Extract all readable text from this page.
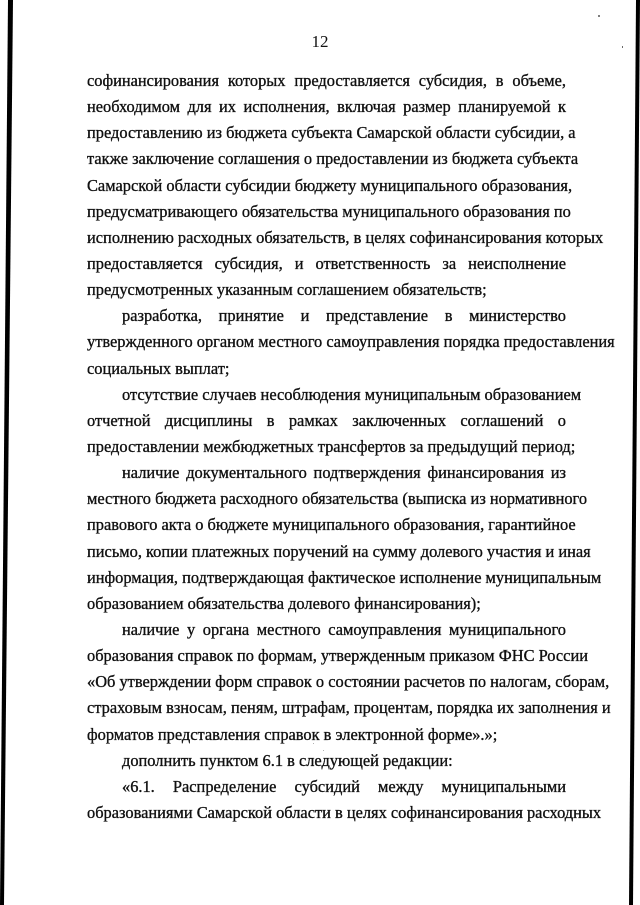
12
софинансирования которых предоставляется субсидия, в объеме,
необходимом для их исполнения, включая размер планируемой к
предоставлению из бюджета субъекта Самарской области субсидии, а
также заключение соглашения о предоставлении из бюджета субъекта
Самарской области субсидии бюджету муниципального образования,
предусматривающего обязательства муниципального образования по
исполнению расходных обязательств, в целях софинансирования которых
предоставляется субсидия, и ответственность за неисполнение
предусмотренных указанным соглашением обязательств;
разработка, принятие и представление в министерство
утвержденного органом местного самоуправления порядка предоставления
социальных выплат;
отсутствие случаев несоблюдения муниципальным образованием
отчетной дисциплины в рамках заключенных соглашений о
предоставлении межбюджетных трансфертов за предыдущий период;
наличие документального подтверждения финансирования из
местного бюджета расходного обязательства (выписка из нормативного
правового акта о бюджете муниципального образования, гарантийное
письмо, копии платежных поручений на сумму долевого участия и иная
информация, подтверждающая фактическое исполнение муниципальным
образованием обязательства долевого финансирования);
наличие у органа местного самоуправления муниципального
образования справок по формам, утвержденным приказом ФНС России
«Об утверждении форм справок о состоянии расчетов по налогам, сборам,
страховым взносам, пеням, штрафам, процентам, порядка их заполнения и
форматов представления справок в электронной форме».»;
дополнить пунктом 6.1 в следующей редакции:
«6.1. Распределение субсидий между муниципальными
образованиями Самарской области в целях софинансирования расходных
